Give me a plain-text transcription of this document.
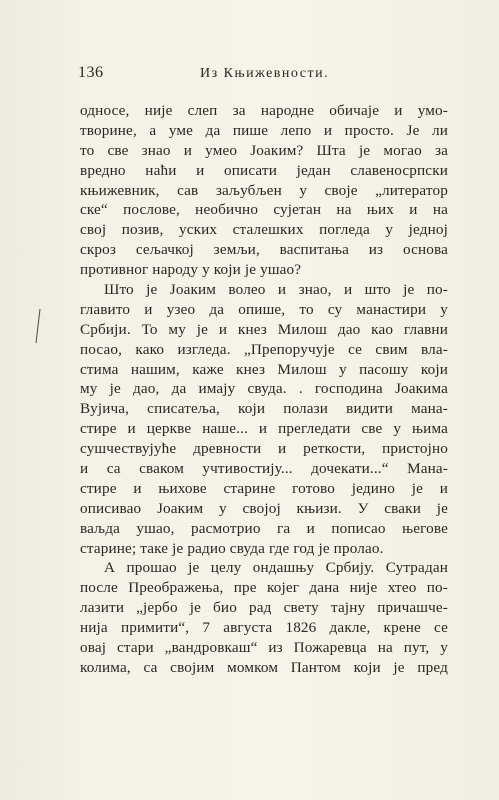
136	Из Књижевности.
односе, није слеп за народне обичаје и умо-
творине, а уме да пише лепо и просто. Је ли
то све знао и умео Јоаким? Шта је могао за
вредно наћи и описати један славеносрпски
књижевник, сав заљубљен у своје „литератор
ске“ послове, необично сујетан на њих и на
свој позив, уских сталешких погледа у једној
скроз сељачкој земљи, васпитања из основа
противног народу у који је ушао?
Што је Јоаким волео и знао, и што је по-
главито и узео да опише, то су манастири у
Србији. То му је и кнез Милош дао као главни
посао, како изгледа. „Препоручује се свим вла-
стима нашим, каже кнез Милош у пасошу који
му је дао, да имају свуда. . господина Јоакима
Вујича, списатеља, који полази видити мана-
стире и церкве наше... и прегледати све у њима
сушчествујуће древности и реткости, пристојно
и са сваком учтивостију... дочекати...“ Мана-
стире и њихове старине готово једино је и
описивао Јоаким у својој књизи. У сваки је
ваљда ушао, расмотрио га и пописао његове
старине; таке је радио свуда где год је пролао.
А прошао је целу ондашњу Србију. Сутрадан
после Преображења, пре којег дана није хтео по-
лазити „јербо је био рад свету тајну причашче-
нија примити“, 7 августа 1826 дакле, крене се
овај стари „вандровкаш“ из Пожаревца на пут, у
колима, са својим момком Пантом који је пред
